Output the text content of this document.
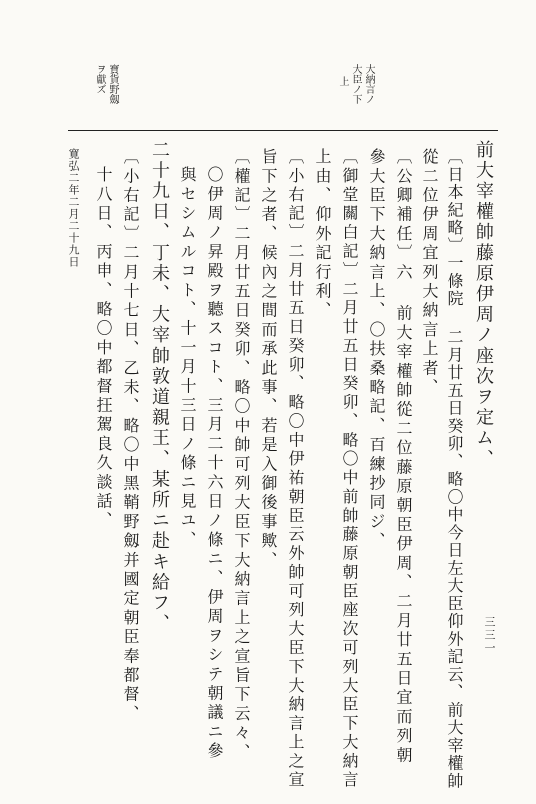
大臣ノ下 大納言ノ
上
寶貨野劔
ヲ獻ズ
前大宰權帥藤原伊周ノ座次ヲ定ム、
〔日本紀略〕一條院 二月廿五日癸卯、略〇中今日左大臣仰外記云、前大宰權帥
從二位伊周宜列大納言上者、
〔公卿補任〕六 前大宰權帥從二位藤原朝臣伊周、二月廿五日宜而列朝
參大臣下大納言上、〇扶桑略記、百練抄同ジ、
〔御堂關白記〕二月廿五日癸卯、略〇中前帥藤原朝臣座次可列大臣下大納言
上由、仰外記行利、
〔小右記〕二月廿五日癸卯、略〇中伊祐朝臣云外帥可列大臣下大納言上之宣
旨下之者、候內之間而承此事、若是入御後事歟、
〔權記〕二月廿五日癸卯、略〇中帥可列大臣下大納言上之宣旨下云々、
〇伊周ノ昇殿ヲ聽スコト、三月二十六日ノ條ニ、伊周ヲシテ朝議ニ參
與セシムルコト、十一月十三日ノ條ニ見ユ、
二十九日、丁未、大宰帥敦道親王、某所ニ赴キ給フ、
〔小右記〕二月十七日、乙未、略〇中黑鞘野劔并國定朝臣奉都督、
十八日、丙申、略〇中都督抂駕良久談話、
寛弘二年二月二十九日
三三一
